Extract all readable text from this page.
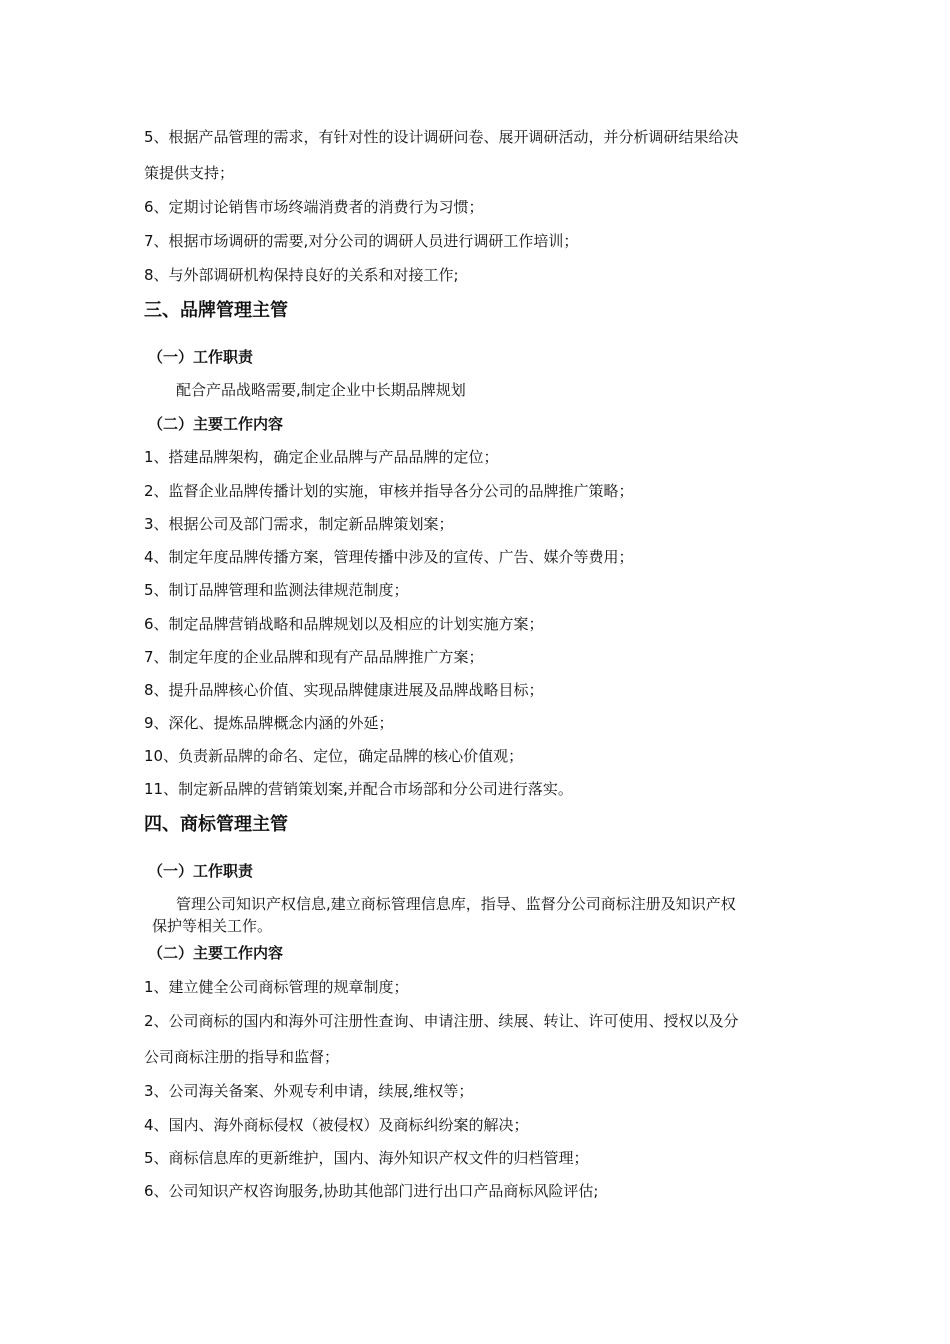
5、根据产品管理的需求，有针对性的设计调研问卷、展开调研活动，并分析调研结果给决
策提供支持；
6、定期讨论销售市场终端消费者的消费行为习惯；
7、根据市场调研的需要,对分公司的调研人员进行调研工作培训；
8、与外部调研机构保持良好的关系和对接工作;
三、品牌管理主管
（一）工作职责
配合产品战略需要,制定企业中长期品牌规划
（二）主要工作内容
1、搭建品牌架构，确定企业品牌与产品品牌的定位；
2、监督企业品牌传播计划的实施，审核并指导各分公司的品牌推广策略；
3、根据公司及部门需求，制定新品牌策划案；
4、制定年度品牌传播方案，管理传播中涉及的宣传、广告、媒介等费用；
5、制订品牌管理和监测法律规范制度；
6、制定品牌营销战略和品牌规划以及相应的计划实施方案；
7、制定年度的企业品牌和现有产品品牌推广方案；
8、提升品牌核心价值、实现品牌健康进展及品牌战略目标；
9、深化、提炼品牌概念内涵的外延；
10、负责新品牌的命名、定位，确定品牌的核心价值观；
11、制定新品牌的营销策划案,并配合市场部和分公司进行落实。
四、商标管理主管
（一）工作职责
管理公司知识产权信息,建立商标管理信息库，指导、监督分公司商标注册及知识产权
保护等相关工作。
（二）主要工作内容
1、建立健全公司商标管理的规章制度；
2、公司商标的国内和海外可注册性查询、申请注册、续展、转让、许可使用、授权以及分
公司商标注册的指导和监督；
3、公司海关备案、外观专利申请，续展,维权等；
4、国内、海外商标侵权（被侵权）及商标纠纷案的解决；
5、商标信息库的更新维护，国内、海外知识产权文件的归档管理；
6、公司知识产权咨询服务,协助其他部门进行出口产品商标风险评估;
